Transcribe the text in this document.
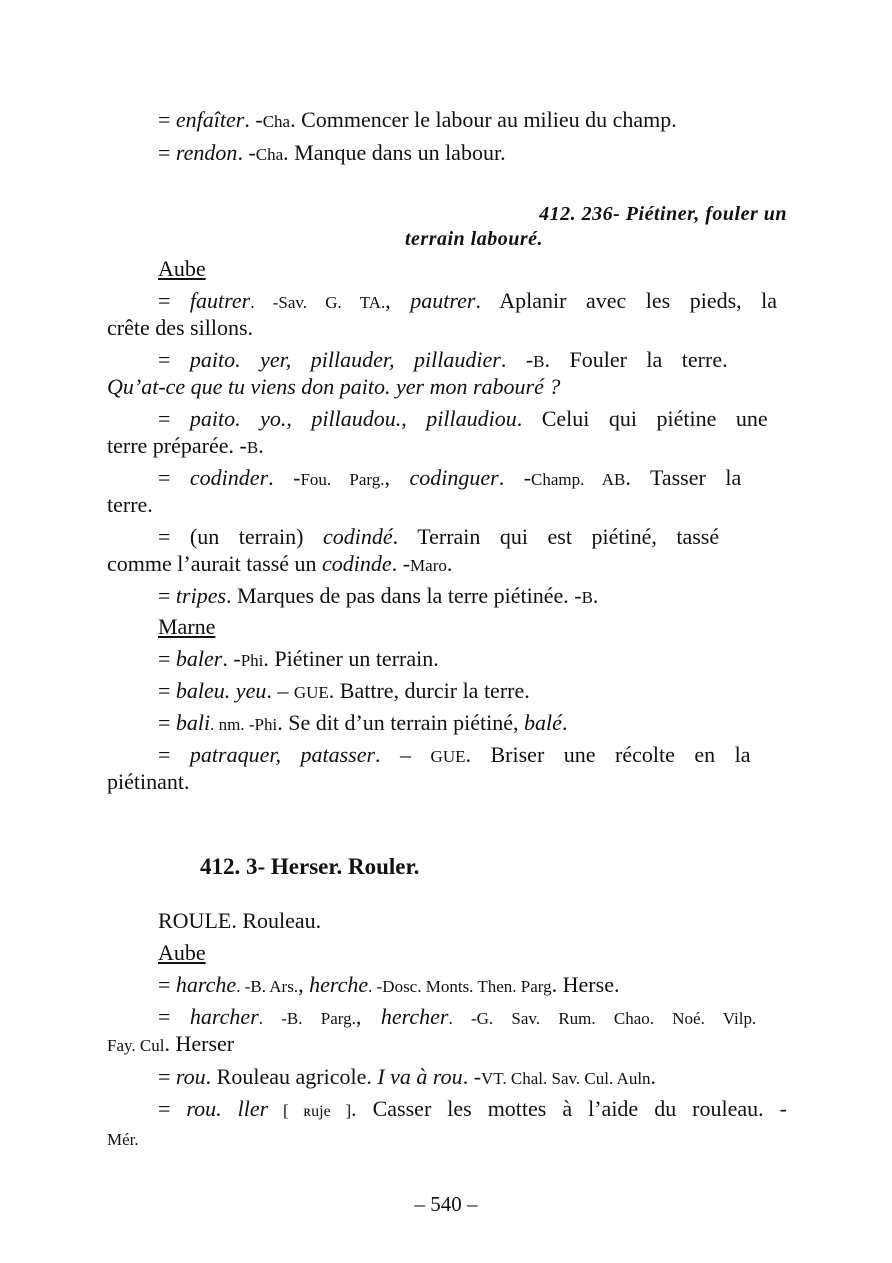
= enfaîter. -Cha. Commencer le labour au milieu du champ.
= rendon. -Cha. Manque dans un labour.
412. 236- Piétiner, fouler un
terrain labouré.
Aube
= fautrer. -Sav. G. TA., pautrer. Aplanir avec les pieds, la
crête des sillons.
= paito. yer, pillauder, pillaudier. -B. Fouler la terre.
Qu’at-ce que tu viens don paito. yer mon rabouré ?
= paito. yo., pillaudou., pillaudiou. Celui qui piétine une
terre préparée. -B.
= codinder. -Fou. Parg., codinguer. -Champ. AB. Tasser la
terre.
= (un terrain) codindé. Terrain qui est piétiné, tassé
comme l’aurait tassé un codinde. -Maro.
= tripes. Marques de pas dans la terre piétinée. -B.
Marne
= baler. -Phi. Piétiner un terrain.
= baleu. yeu. – GUE. Battre, durcir la terre.
= bali. nm. -Phi. Se dit d’un terrain piétiné, balé.
= patraquer, patasser. – GUE. Briser une récolte en la
piétinant.
412. 3- Herser. Rouler.
ROULE. Rouleau.
Aube
= harche. -B. Ars., herche. -Dosc. Monts. Then. Parg. Herse.
= harcher. -B. Parg., hercher. -G. Sav. Rum. Chao. Noé. Vilp.
Fay. Cul. Herser
= rou. Rouleau agricole. I va à rou. -VT. Chal. Sav. Cul. Auln.
= rou. ller [ ʀuje ]. Casser les mottes à l’aide du rouleau. -
Mér.
– 540 –
